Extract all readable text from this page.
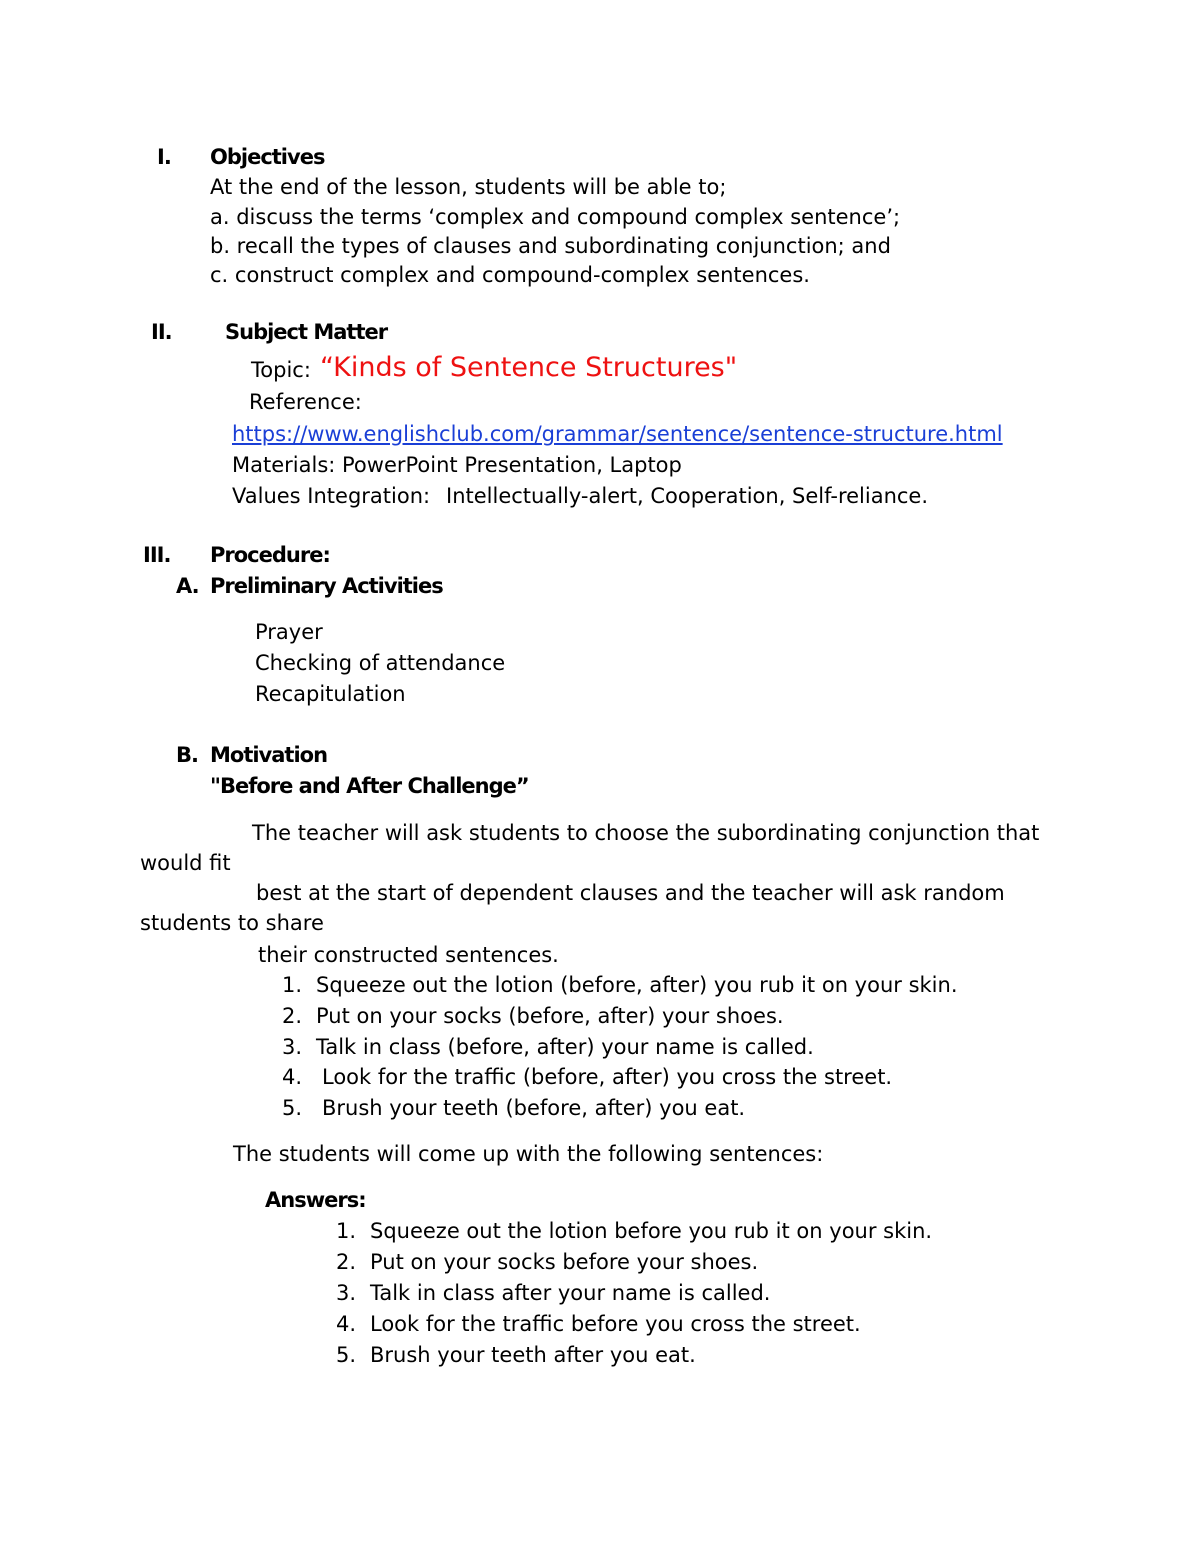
I. Objectives
At the end of the lesson, students will be able to;
a. discuss the terms ‘complex and compound complex sentence’;
b. recall the types of clauses and subordinating conjunction; and
c. construct complex and compound-complex sentences.
II.	Subject Matter
Topic: “Kinds of Sentence Structures"
Reference:
https://www.englishclub.com/grammar/sentence/sentence-structure.html
Materials: PowerPoint Presentation, Laptop
Values Integration: Intellectually-alert, Cooperation, Self-reliance.
III. Procedure:
A. Preliminary Activities
Prayer
Checking of attendance
Recapitulation
B. Motivation
"Before and After Challenge”
The teacher will ask students to choose the subordinating conjunction that
would fit
best at the start of dependent clauses and the teacher will ask random
students to share
their constructed sentences.
1. Squeeze out the lotion (before, after) you rub it on your skin.
2. Put on your socks (before, after) your shoes.
3. Talk in class (before, after) your name is called.
4. Look for the traffic (before, after) you cross the street.
5. Brush your teeth (before, after) you eat.
The students will come up with the following sentences:
Answers:
1. Squeeze out the lotion before you rub it on your skin.
2. Put on your socks before your shoes.
3. Talk in class after your name is called.
4. Look for the traffic before you cross the street.
5. Brush your teeth after you eat.
